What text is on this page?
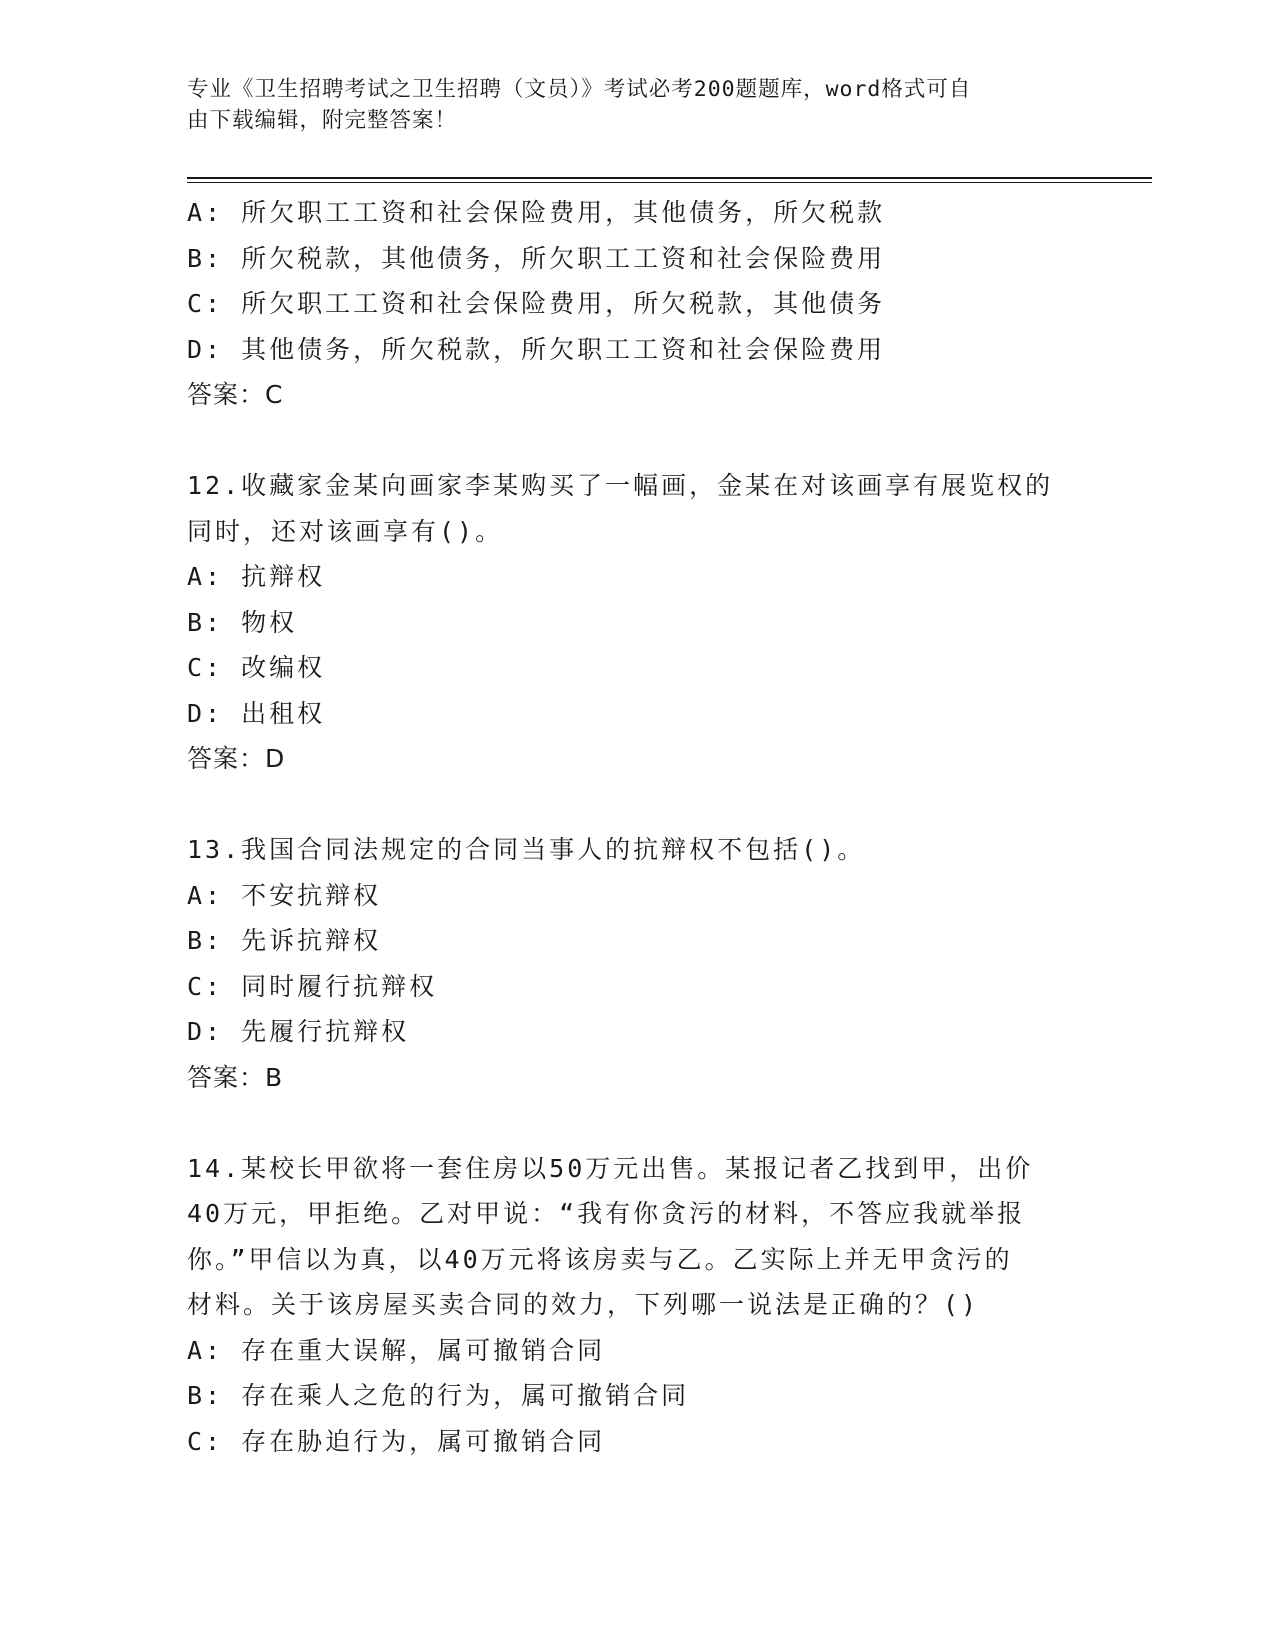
专业《卫生招聘考试之卫生招聘（文员）》考试必考200题题库，word格式可自
由下载编辑，附完整答案！
A: 所欠职工工资和社会保险费用，其他债务，所欠税款
B: 所欠税款，其他债务，所欠职工工资和社会保险费用
C: 所欠职工工资和社会保险费用，所欠税款，其他债务
D: 其他债务，所欠税款，所欠职工工资和社会保险费用
答案：C
12.收藏家金某向画家李某购买了一幅画，金某在对该画享有展览权的
同时，还对该画享有()。
A: 抗辩权
B: 物权
C: 改编权
D: 出租权
答案：D
13.我国合同法规定的合同当事人的抗辩权不包括()。
A: 不安抗辩权
B: 先诉抗辩权
C: 同时履行抗辩权
D: 先履行抗辩权
答案：B
14.某校长甲欲将一套住房以50万元出售。某报记者乙找到甲，出价
40万元，甲拒绝。乙对甲说：“我有你贪污的材料，不答应我就举报
你。”甲信以为真，以40万元将该房卖与乙。乙实际上并无甲贪污的
材料。关于该房屋买卖合同的效力，下列哪一说法是正确的？()
A: 存在重大误解，属可撤销合同
B: 存在乘人之危的行为，属可撤销合同
C: 存在胁迫行为，属可撤销合同
